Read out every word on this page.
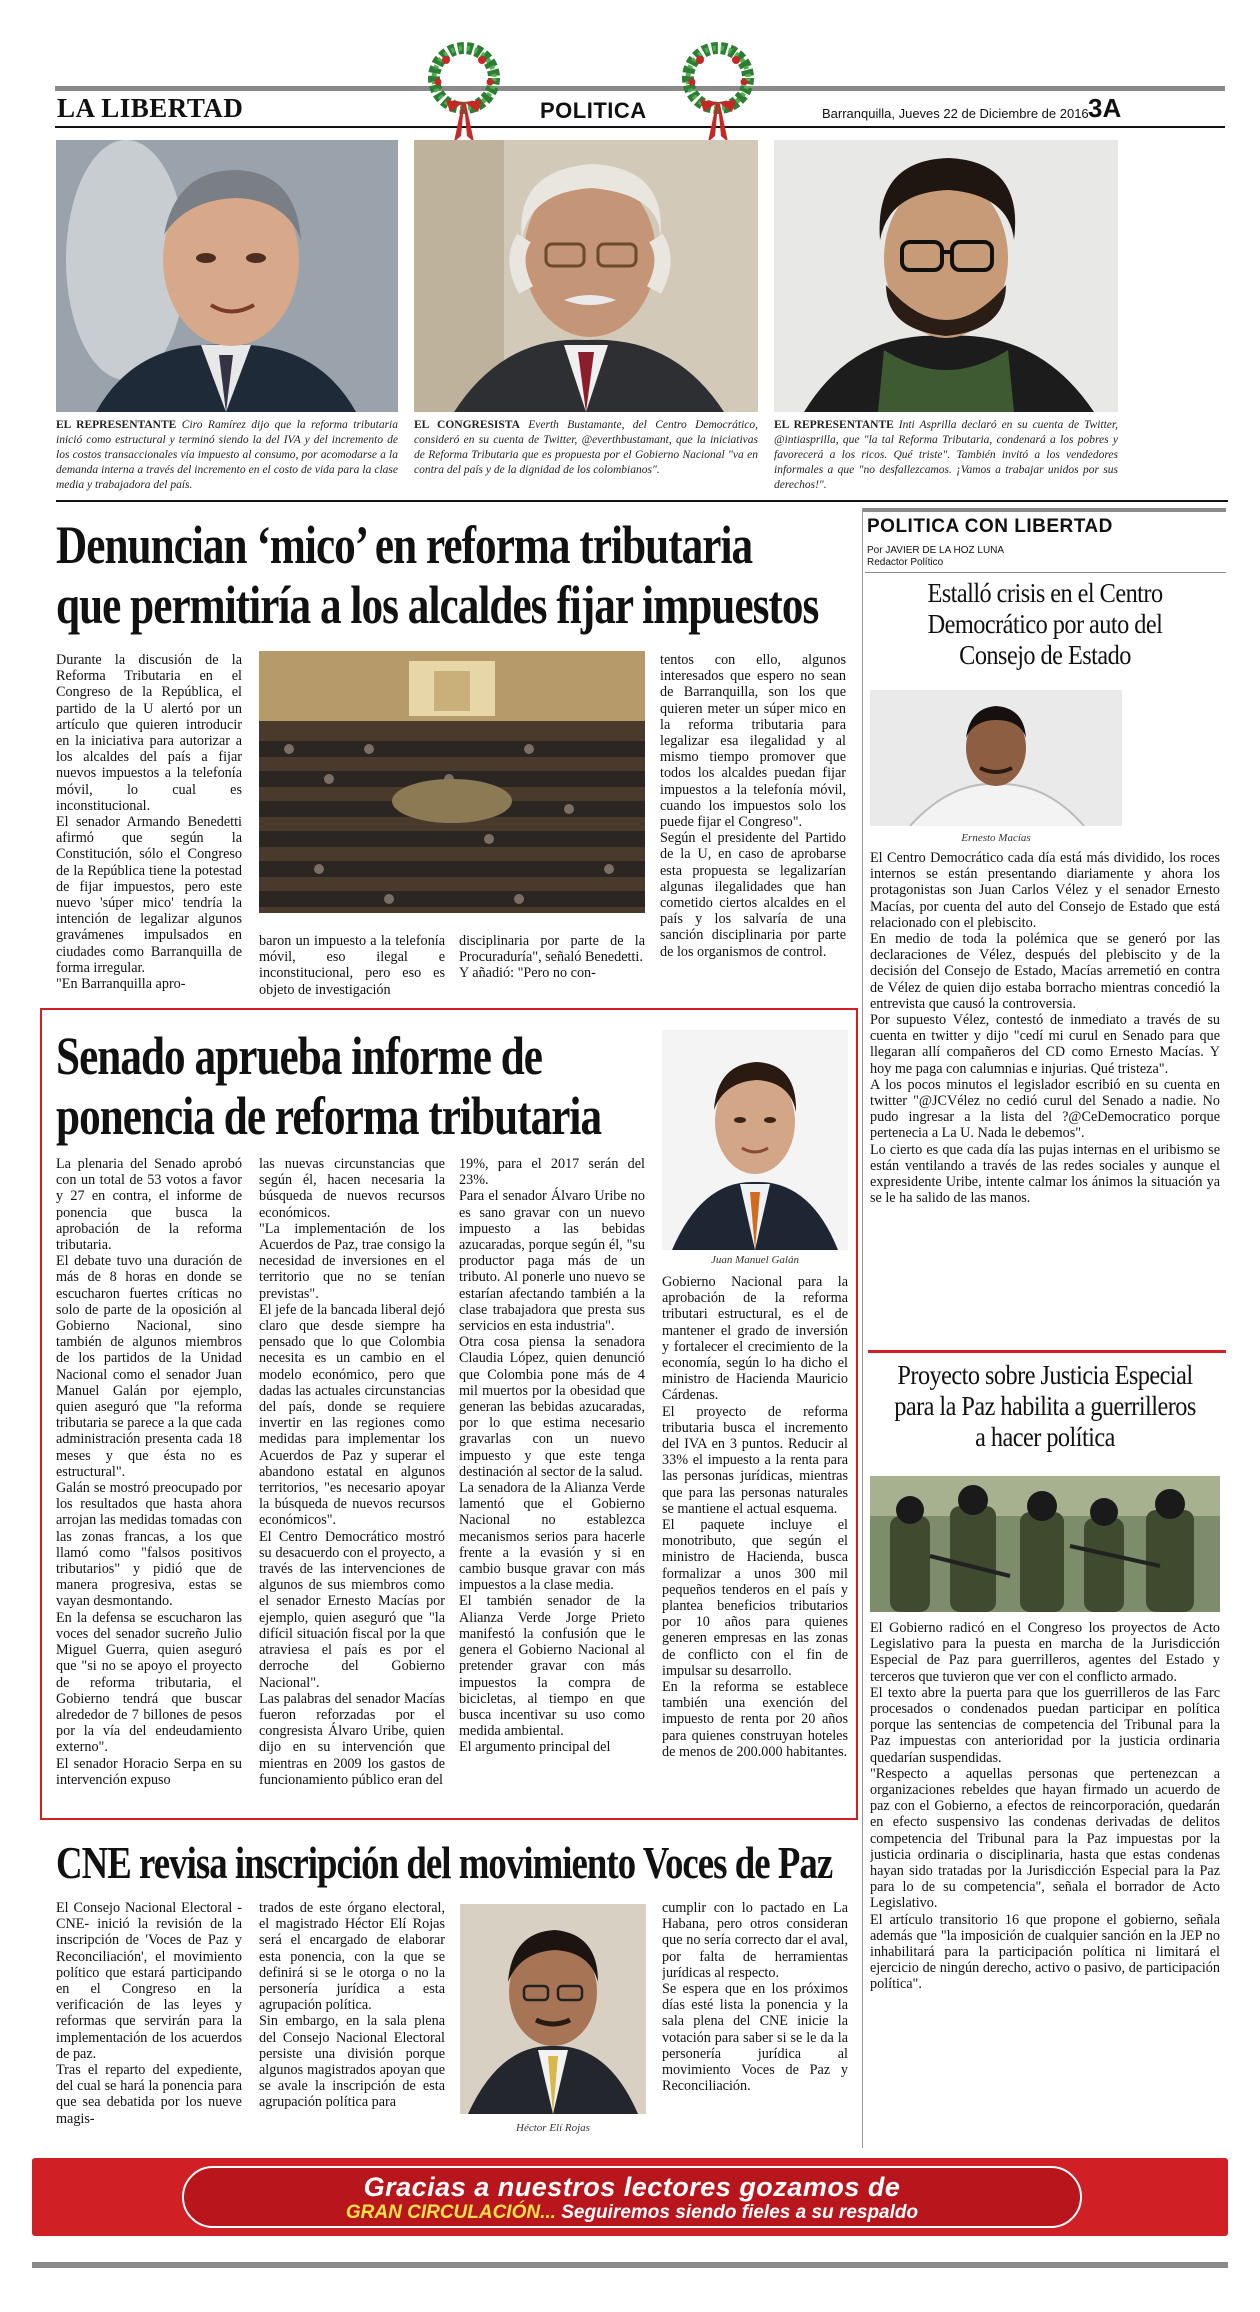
LA LIBERTAD	POLITICA	Barranquilla, Jueves 22 de Diciembre de 2016 3A
EL REPRESENTANTE Ciro Ramírez dijo que la reforma tributaria inició como estructural y terminó siendo la del IVA y del incremento de los costos transaccionales vía impuesto al consumo, por acomodarse a la demanda interna a través del incremento en el costo de vida para la clase media y trabajadora del país.
EL CONGRESISTA Everth Bustamante, del Centro Democrático, consideró en su cuenta de Twitter, @everthbustamant, que la iniciativas de Reforma Tributaria que es propuesta por el Gobierno Nacional "va en contra del país y de la dignidad de los colombianos".
EL REPRESENTANTE Inti Asprilla declaró en su cuenta de Twitter, @intiasprilla, que "la tal Reforma Tributaria, condenará a los pobres y favorecerá a los ricos. Qué triste". También invitó a los vendedores informales a que "no desfallezcamos. ¡Vamos a trabajar unidos por sus derechos!".
Denuncian ‘mico’ en reforma tributaria
que permitiría a los alcaldes fijar impuestos
Durante la discusión de la Reforma Tributaria en el Congreso de la República, el partido de la U alertó por un artículo que quieren introducir en la iniciativa para autorizar a los alcaldes del país a fijar nuevos impuestos a la telefonía móvil, lo cual es inconstitucional.
El senador Armando Benedetti afirmó que según la Constitución, sólo el Congreso de la República tiene la potestad de fijar impuestos, pero este nuevo 'súper mico' tendría la intención de legalizar algunos gravámenes impulsados en ciudades como Barranquilla de forma irregular.
"En Barranquilla apro-
baron un impuesto a la telefonía móvil, eso ilegal e inconstitucional, pero eso es objeto de investigación
disciplinaria por parte de la Procuraduría", señaló Benedetti.
Y añadió: "Pero no con-
tentos con ello, algunos interesados que espero no sean de Barranquilla, son los que quieren meter un súper mico en la reforma tributaria para legalizar esa ilegalidad y al mismo tiempo promover que todos los alcaldes puedan fijar impuestos a la telefonía móvil, cuando los impuestos solo los puede fijar el Congreso".
Según el presidente del Partido de la U, en caso de aprobarse esta propuesta se legalizarían algunas ilegalidades que han cometido ciertos alcaldes en el país y los salvaría de una sanción disciplinaria por parte de los organismos de control.
Senado aprueba informe de
ponencia de reforma tributaria
Juan Manuel Galán
La plenaria del Senado aprobó con un total de 53 votos a favor y 27 en contra, el informe de ponencia que busca la aprobación de la reforma tributaria.
El debate tuvo una duración de más de 8 horas en donde se escucharon fuertes críticas no solo de parte de la oposición al Gobierno Nacional, sino también de algunos miembros de los partidos de la Unidad Nacional como el senador Juan Manuel Galán por ejemplo, quien aseguró que "la reforma tributaria se parece a la que cada administración presenta cada 18 meses y que ésta no es estructural".
Galán se mostró preocupado por los resultados que hasta ahora arrojan las medidas tomadas con las zonas francas, a los que llamó como "falsos positivos tributarios" y pidió que de manera progresiva, estas se vayan desmontando.
En la defensa se escucharon las voces del senador sucreño Julio Miguel Guerra, quien aseguró que "si no se apoyo el proyecto de reforma tributaria, el Gobierno tendrá que buscar alrededor de 7 billones de pesos por la vía del endeudamiento externo".
El senador Horacio Serpa en su intervención expuso
las nuevas circunstancias que según él, hacen necesaria la búsqueda de nuevos recursos económicos.
"La implementación de los Acuerdos de Paz, trae consigo la necesidad de inversiones en el territorio que no se tenían previstas".
El jefe de la bancada liberal dejó claro que desde siempre ha pensado que lo que Colombia necesita es un cambio en el modelo económico, pero que dadas las actuales circunstancias del país, donde se requiere invertir en las regiones como medidas para implementar los Acuerdos de Paz y superar el abandono estatal en algunos territorios, "es necesario apoyar la búsqueda de nuevos recursos económicos".
El Centro Democrático mostró su desacuerdo con el proyecto, a través de las intervenciones de algunos de sus miembros como el senador Ernesto Macías por ejemplo, quien aseguró que "la difícil situación fiscal por la que atraviesa el país es por el derroche del Gobierno Nacional".
Las palabras del senador Macías fueron reforzadas por el congresista Álvaro Uribe, quien dijo en su intervención que mientras en 2009 los gastos de funcionamiento público eran del
19%, para el 2017 serán del 23%.
Para el senador Álvaro Uribe no es sano gravar con un nuevo impuesto a las bebidas azucaradas, porque según él, "su productor paga más de un tributo. Al ponerle uno nuevo se estarían afectando también a la clase trabajadora que presta sus servicios en esta industria".
Otra cosa piensa la senadora Claudia López, quien denunció que Colombia pone más de 4 mil muertos por la obesidad que generan las bebidas azucaradas, por lo que estima necesario gravarlas con un nuevo impuesto y que este tenga destinación al sector de la salud.
La senadora de la Alianza Verde lamentó que el Gobierno Nacional no establezca mecanismos serios para hacerle frente a la evasión y si en cambio busque gravar con más impuestos a la clase media.
El también senador de la Alianza Verde Jorge Prieto manifestó la confusión que le genera el Gobierno Nacional al pretender gravar con más impuestos la compra de bicicletas, al tiempo en que busca incentivar su uso como medida ambiental.
El argumento principal del
Gobierno Nacional para la aprobación de la reforma tributari estructural, es el de mantener el grado de inversión y fortalecer el crecimiento de la economía, según lo ha dicho el ministro de Hacienda Mauricio Cárdenas.
El proyecto de reforma tributaria busca el incremento del IVA en 3 puntos. Reducir al 33% el impuesto a la renta para las personas jurídicas, mientras que para las personas naturales se mantiene el actual esquema.
El paquete incluye el monotributo, que según el ministro de Hacienda, busca formalizar a unos 300 mil pequeños tenderos en el país y plantea beneficios tributarios por 10 años para quienes generen empresas en las zonas de conflicto con el fin de impulsar su desarrollo.
En la reforma se establece también una exención del impuesto de renta por 20 años para quienes construyan hoteles de menos de 200.000 habitantes.
CNE revisa inscripción del movimiento Voces de Paz
El Consejo Nacional Electoral -CNE- inició la revisión de la inscripción de 'Voces de Paz y Reconciliación', el movimiento político que estará participando en el Congreso en la verificación de las leyes y reformas que servirán para la implementación de los acuerdos de paz.
Tras el reparto del expediente, del cual se hará la ponencia para que sea debatida por los nueve magis-
trados de este órgano electoral, el magistrado Héctor Elí Rojas será el encargado de elaborar esta ponencia, con la que se definirá si se le otorga o no la personería jurídica a esta agrupación política.
Sin embargo, en la sala plena del Consejo Nacional Electoral persiste una división porque algunos magistrados apoyan que se avale la inscripción de esta agrupación política para
Héctor Elí Rojas
cumplir con lo pactado en La Habana, pero otros consideran que no sería correcto dar el aval, por falta de herramientas jurídicas al respecto.
Se espera que en los próximos días esté lista la ponencia y la sala plena del CNE inicie la votación para saber si se le da la personería jurídica al movimiento Voces de Paz y Reconciliación.
POLITICA CON LIBERTAD
Por JAVIER DE LA HOZ LUNA
Redactor Político
Estalló crisis en el Centro Democrático por auto del Consejo de Estado
Ernesto Macías
El Centro Democrático cada día está más dividido, los roces internos se están presentando diariamente y ahora los protagonistas son Juan Carlos Vélez y el senador Ernesto Macías, por cuenta del auto del Consejo de Estado que está relacionado con el plebiscito.
En medio de toda la polémica que se generó por las declaraciones de Vélez, después del plebiscito y de la decisión del Consejo de Estado, Macías arremetió en contra de Vélez de quien dijo estaba borracho mientras concedió la entrevista que causó la controversia.
Por supuesto Vélez, contestó de inmediato a través de su cuenta en twitter y dijo "cedí mi curul en Senado para que llegaran allí compañeros del CD como Ernesto Macías. Y hoy me paga con calumnias e injurias. Qué tristeza".
A los pocos minutos el legislador escribió en su cuenta en twitter "@JCVélez no cedió curul del Senado a nadie. No pudo ingresar a la lista del ?@CeDemocratico porque pertenecia a La U. Nada le debemos".
Lo cierto es que cada día las pujas internas en el uribismo se están ventilando a través de las redes sociales y aunque el expresidente Uribe, intente calmar los ánimos la situación ya se le ha salido de las manos.
Proyecto sobre Justicia Especial para la Paz habilita a guerrilleros a hacer política
El Gobierno radicó en el Congreso los proyectos de Acto Legislativo para la puesta en marcha de la Jurisdicción Especial de Paz para guerrilleros, agentes del Estado y terceros que tuvieron que ver con el conflicto armado.
El texto abre la puerta para que los guerrilleros de las Farc procesados o condenados puedan participar en política porque las sentencias de competencia del Tribunal para la Paz impuestas con anterioridad por la justicia ordinaria quedarían suspendidas.
"Respecto a aquellas personas que pertenezcan a organizaciones rebeldes que hayan firmado un acuerdo de paz con el Gobierno, a efectos de reincorporación, quedarán en efecto suspensivo las condenas derivadas de delitos competencia del Tribunal para la Paz impuestas por la justicia ordinaria o disciplinaria, hasta que estas condenas hayan sido tratadas por la Jurisdicción Especial para la Paz para lo de su competencia", señala el borrador de Acto Legislativo.
El artículo transitorio 16 que propone el gobierno, señala además que "la imposición de cualquier sanción en la JEP no inhabilitará para la participación política ni limitará el ejercicio de ningún derecho, activo o pasivo, de participación política".
Gracias a nuestros lectores gozamos de
GRAN CIRCULACIÓN... Seguiremos siendo fieles a su respaldo
